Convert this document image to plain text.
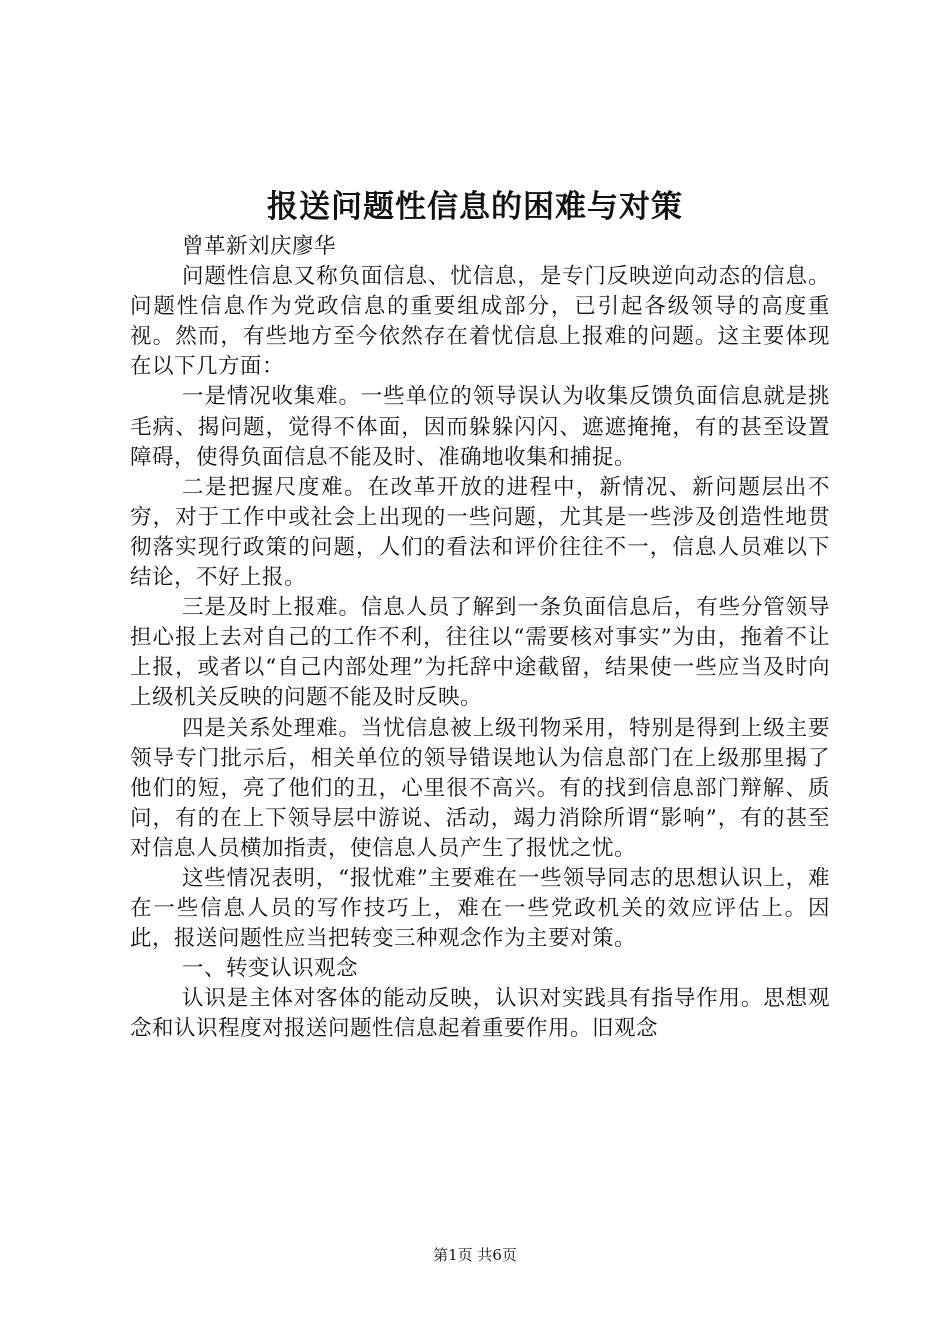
报送问题性信息的困难与对策

曾革新刘庆廖华

问题性信息又称负面信息、忧信息，是专门反映逆向动态的信息。问题性信息作为党政信息的重要组成部分，已引起各级领导的高度重视。然而，有些地方至今依然存在着忧信息上报难的问题。这主要体现在以下几方面：

一是情况收集难。一些单位的领导误认为收集反馈负面信息就是挑毛病、揭问题，觉得不体面，因而躲躲闪闪、遮遮掩掩，有的甚至设置障碍，使得负面信息不能及时、准确地收集和捕捉。

二是把握尺度难。在改革开放的进程中，新情况、新问题层出不穷，对于工作中或社会上出现的一些问题，尤其是一些涉及创造性地贯彻落实现行政策的问题，人们的看法和评价往往不一，信息人员难以下结论，不好上报。

三是及时上报难。信息人员了解到一条负面信息后，有些分管领导担心报上去对自己的工作不利，往往以“需要核对事实”为由，拖着不让上报，或者以“自己内部处理”为托辞中途截留，结果使一些应当及时向上级机关反映的问题不能及时反映。

四是关系处理难。当忧信息被上级刊物采用，特别是得到上级主要领导专门批示后，相关单位的领导错误地认为信息部门在上级那里揭了他们的短，亮了他们的丑，心里很不高兴。有的找到信息部门辩解、质问，有的在上下领导层中游说、活动，竭力消除所谓“影响”，有的甚至对信息人员横加指责，使信息人员产生了报忧之忧。

这些情况表明，“报忧难”主要难在一些领导同志的思想认识上，难在一些信息人员的写作技巧上，难在一些党政机关的效应评估上。因此，报送问题性应当把转变三种观念作为主要对策。

一、转变认识观念

认识是主体对客体的能动反映，认识对实践具有指导作用。思想观念和认识程度对报送问题性信息起着重要作用。旧观念

第1页 共6页
